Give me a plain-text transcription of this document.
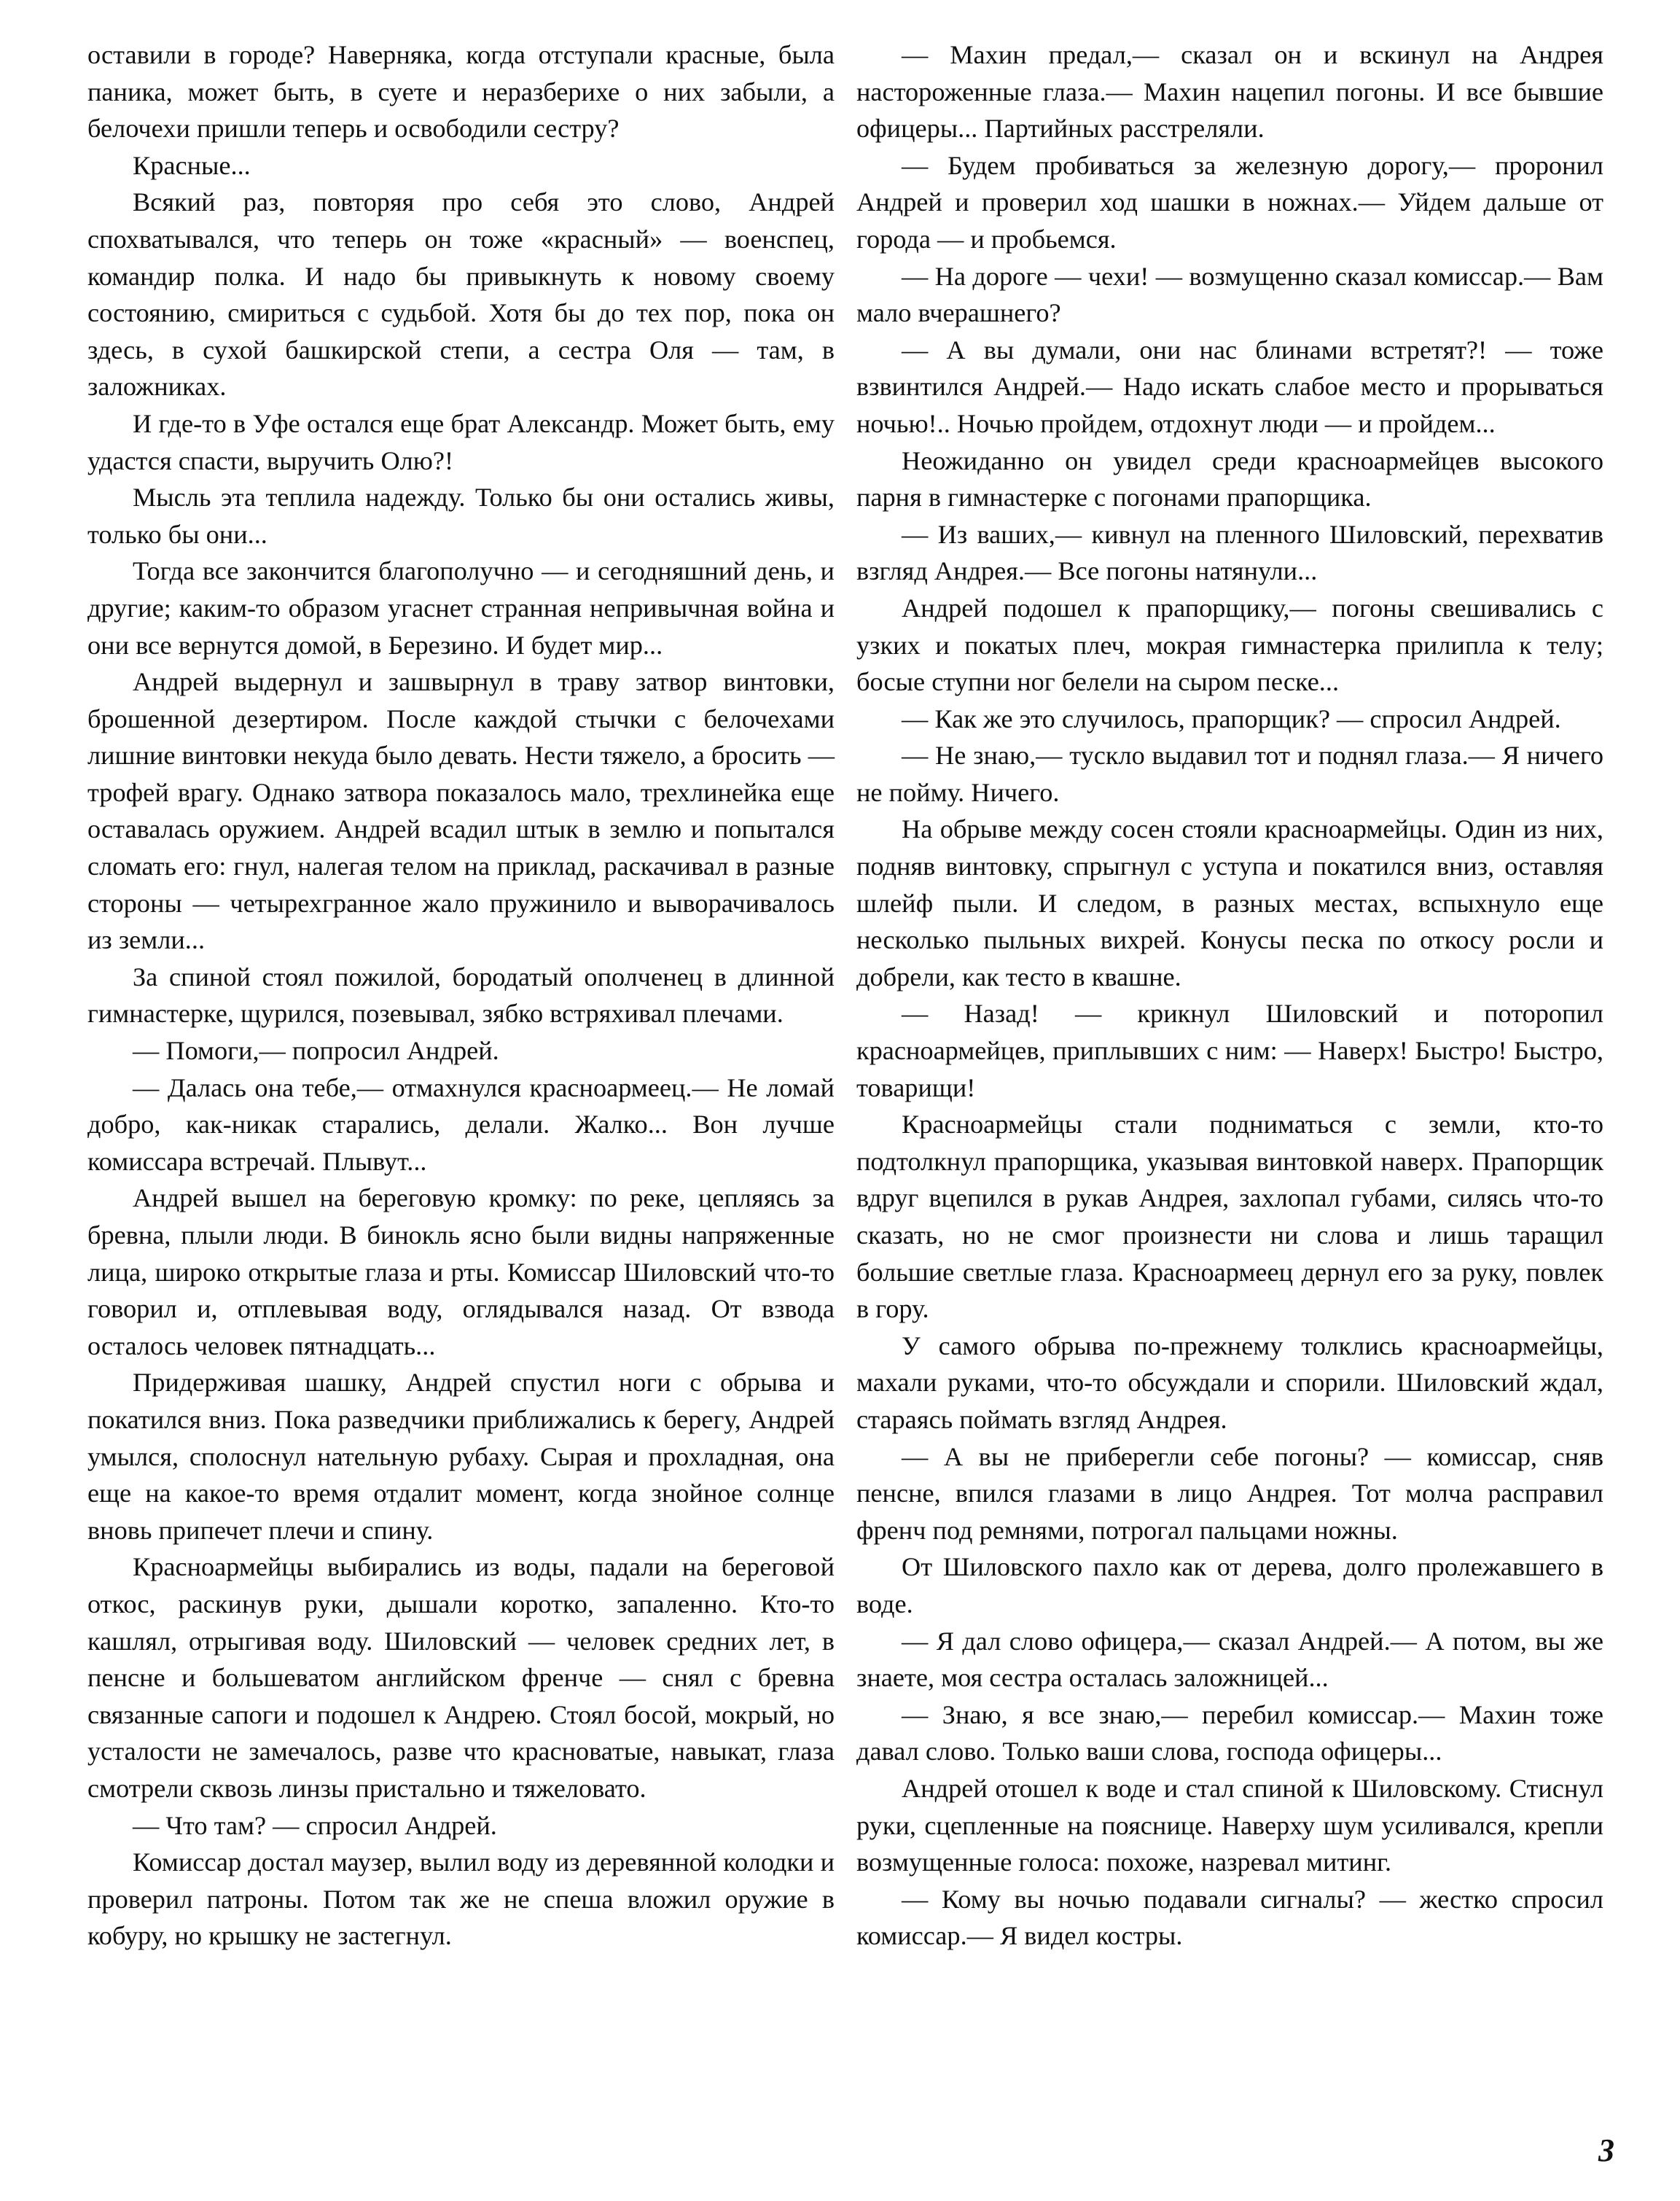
оставили в городе? Наверняка, когда отступали красные, была паника, может быть, в суете и неразберихе о них забыли, а белочехи пришли теперь и освободили сестру?

Красные...

Всякий раз, повторяя про себя это слово, Андрей спохватывался, что теперь он тоже «красный» — военспец, командир полка. И надо бы привыкнуть к новому своему состоянию, смириться с судьбой. Хотя бы до тех пор, пока он здесь, в сухой башкирской степи, а сестра Оля — там, в заложниках.

И где-то в Уфе остался еще брат Александр. Может быть, ему удастся спасти, выручить Олю?!

Мысль эта теплила надежду. Только бы они остались живы, только бы они...

Тогда все закончится благополучно — и сегодняшний день, и другие; каким-то образом угаснет странная непривычная война и они все вернутся домой, в Березино. И будет мир...

Андрей выдернул и зашвырнул в траву затвор винтовки, брошенной дезертиром. После каждой стычки с белочехами лишние винтовки некуда было девать. Нести тяжело, а бросить — трофей врагу. Однако затвора показалось мало, трехлинейка еще оставалась оружием. Андрей всадил штык в землю и попытался сломать его: гнул, налегая телом на приклад, раскачивал в разные стороны — четырехгранное жало пружинило и выворачивалось из земли...

За спиной стоял пожилой, бородатый ополченец в длинной гимнастерке, щурился, позевывал, зябко встряхивал плечами.

— Помоги,— попросил Андрей.

— Далась она тебе,— отмахнулся красноармеец.— Не ломай добро, как-никак старались, делали. Жалко... Вон лучше комиссара встречай. Плывут...

Андрей вышел на береговую кромку: по реке, цепляясь за бревна, плыли люди. В бинокль ясно были видны напряженные лица, широко открытые глаза и рты. Комиссар Шиловский что-то говорил и, отплевывая воду, оглядывался назад. От взвода осталось человек пятнадцать...

Придерживая шашку, Андрей спустил ноги с обрыва и покатился вниз. Пока разведчики приближались к берегу, Андрей умылся, сполоснул нательную рубаху. Сырая и прохладная, она еще на какое-то время отдалит момент, когда знойное солнце вновь припечет плечи и спину.

Красноармейцы выбирались из воды, падали на береговой откос, раскинув руки, дышали коротко, запаленно. Кто-то кашлял, отрыгивая воду. Шиловский — человек средних лет, в пенсне и большеватом английском френче — снял с бревна связанные сапоги и подошел к Андрею. Стоял босой, мокрый, но усталости не замечалось, разве что красноватые, навыкат, глаза смотрели сквозь линзы пристально и тяжеловато.

— Что там? — спросил Андрей.

Комиссар достал маузер, вылил воду из деревянной колодки и проверил патроны. Потом так же не спеша вложил оружие в кобуру, но крышку не застегнул.

— Махин предал,— сказал он и вскинул на Андрея настороженные глаза.— Махин нацепил погоны. И все бывшие офицеры... Партийных расстреляли.

— Будем пробиваться за железную дорогу,— проронил Андрей и проверил ход шашки в ножнах.— Уйдем дальше от города — и пробьемся.

— На дороге — чехи! — возмущенно сказал комиссар.— Вам мало вчерашнего?

— А вы думали, они нас блинами встретят?! — тоже взвинтился Андрей.— Надо искать слабое место и прорываться ночью!.. Ночью пройдем, отдохнут люди — и пройдем...

Неожиданно он увидел среди красноармейцев высокого парня в гимнастерке с погонами прапорщика.

— Из ваших,— кивнул на пленного Шиловский, перехватив взгляд Андрея.— Все погоны натянули...

Андрей подошел к прапорщику,— погоны свешивались с узких и покатых плеч, мокрая гимнастерка прилипла к телу; босые ступни ног белели на сыром песке...

— Как же это случилось, прапорщик? — спросил Андрей.

— Не знаю,— тускло выдавил тот и поднял глаза.— Я ничего не пойму. Ничего.

На обрыве между сосен стояли красноармейцы. Один из них, подняв винтовку, спрыгнул с уступа и покатился вниз, оставляя шлейф пыли. И следом, в разных местах, вспыхнуло еще несколько пыльных вихрей. Конусы песка по откосу росли и добрели, как тесто в квашне.

— Назад! — крикнул Шиловский и поторопил красноармейцев, приплывших с ним: — Наверх! Быстро! Быстро, товарищи!

Красноармейцы стали подниматься с земли, кто-то подтолкнул прапорщика, указывая винтовкой наверх. Прапорщик вдруг вцепился в рукав Андрея, захлопал губами, силясь что-то сказать, но не смог произнести ни слова и лишь таращил большие светлые глаза. Красноармеец дернул его за руку, повлек в гору.

У самого обрыва по-прежнему толклись красноармейцы, махали руками, что-то обсуждали и спорили. Шиловский ждал, стараясь поймать взгляд Андрея.

— А вы не приберегли себе погоны? — комиссар, сняв пенсне, впился глазами в лицо Андрея. Тот молча расправил френч под ремнями, потрогал пальцами ножны.

От Шиловского пахло как от дерева, долго пролежавшего в воде.

— Я дал слово офицера,— сказал Андрей.— А потом, вы же знаете, моя сестра осталась заложницей...

— Знаю, я все знаю,— перебил комиссар.— Махин тоже давал слово. Только ваши слова, господа офицеры...

Андрей отошел к воде и стал спиной к Шиловскому. Стиснул руки, сцепленные на пояснице. Наверху шум усиливался, крепли возмущенные голоса: похоже, назревал митинг.

— Кому вы ночью подавали сигналы? — жестко спросил комиссар.— Я видел костры.

3
